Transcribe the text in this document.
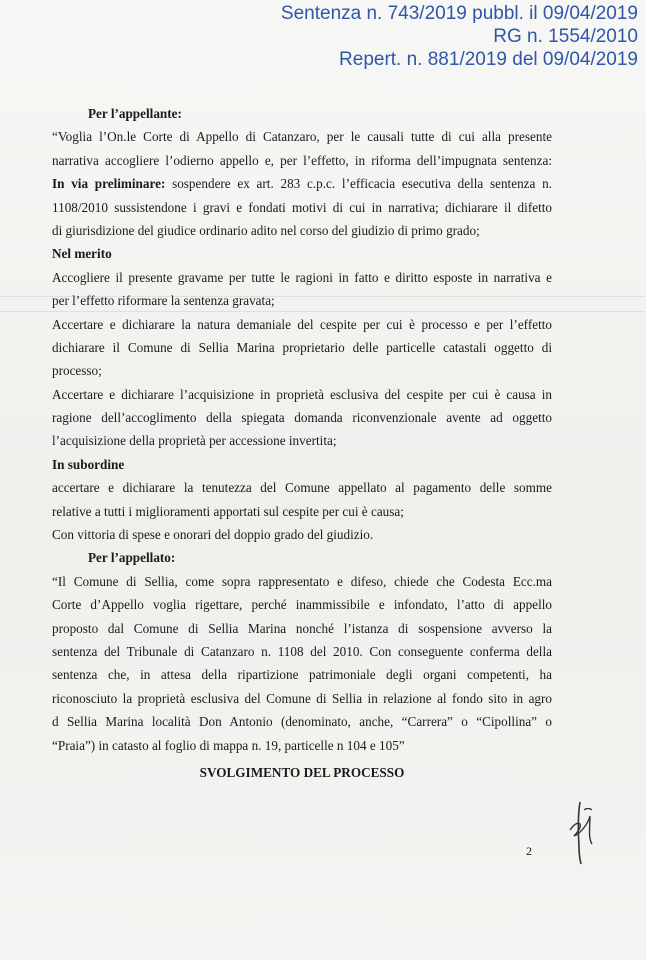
Sentenza n. 743/2019 pubbl. il 09/04/2019
RG n. 1554/2010
Repert. n. 881/2019 del 09/04/2019
Per l’appellante:
“Voglia l’On.le Corte di Appello di Catanzaro, per le causali tutte di cui alla presente
narrativa accogliere l’odierno appello e, per l’effetto, in riforma dell’impugnata sentenza:
In via preliminare: sospendere ex art. 283 c.p.c. l’efficacia esecutiva della sentenza n.
1108/2010 sussistendone i gravi e fondati motivi di cui in narrativa; dichiarare il difetto
di giurisdizione del giudice ordinario adito nel corso del giudizio di primo grado;
Nel merito
Accogliere il presente gravame per tutte le ragioni in fatto e diritto esposte in narrativa e
per l’effetto riformare la sentenza gravata;
Accertare e dichiarare la natura demaniale del cespite per cui è processo e per l’effetto
dichiarare il Comune di Sellia Marina proprietario delle particelle catastali oggetto di
processo;
Accertare e dichiarare l’acquisizione in proprietà esclusiva del cespite per cui è causa in
ragione dell’accoglimento della spiegata domanda riconvenzionale avente ad oggetto
l’acquisizione della proprietà per accessione invertita;
In subordine
accertare e dichiarare la tenutezza del Comune appellato al pagamento delle somme
relative a tutti i miglioramenti apportati sul cespite per cui è causa;
Con vittoria di spese e onorari del doppio grado del giudizio.
Per l’appellato:
“Il Comune di Sellia, come sopra rappresentato e difeso, chiede che Codesta Ecc.ma
Corte d’Appello voglia rigettare, perché inammissibile e infondato, l’atto di appello
proposto dal Comune di Sellia Marina nonché l’istanza di sospensione avverso la
sentenza del Tribunale di Catanzaro n. 1108 del 2010. Con conseguente conferma della
sentenza che, in attesa della ripartizione patrimoniale degli organi competenti, ha
riconosciuto la proprietà esclusiva del Comune di Sellia in relazione al fondo sito in agro
d Sellia Marina località Don Antonio (denominato, anche, “Carrera” o “Cipollina” o
“Praia”) in catasto al foglio di mappa n. 19, particelle n 104 e 105”
SVOLGIMENTO DEL PROCESSO
2
